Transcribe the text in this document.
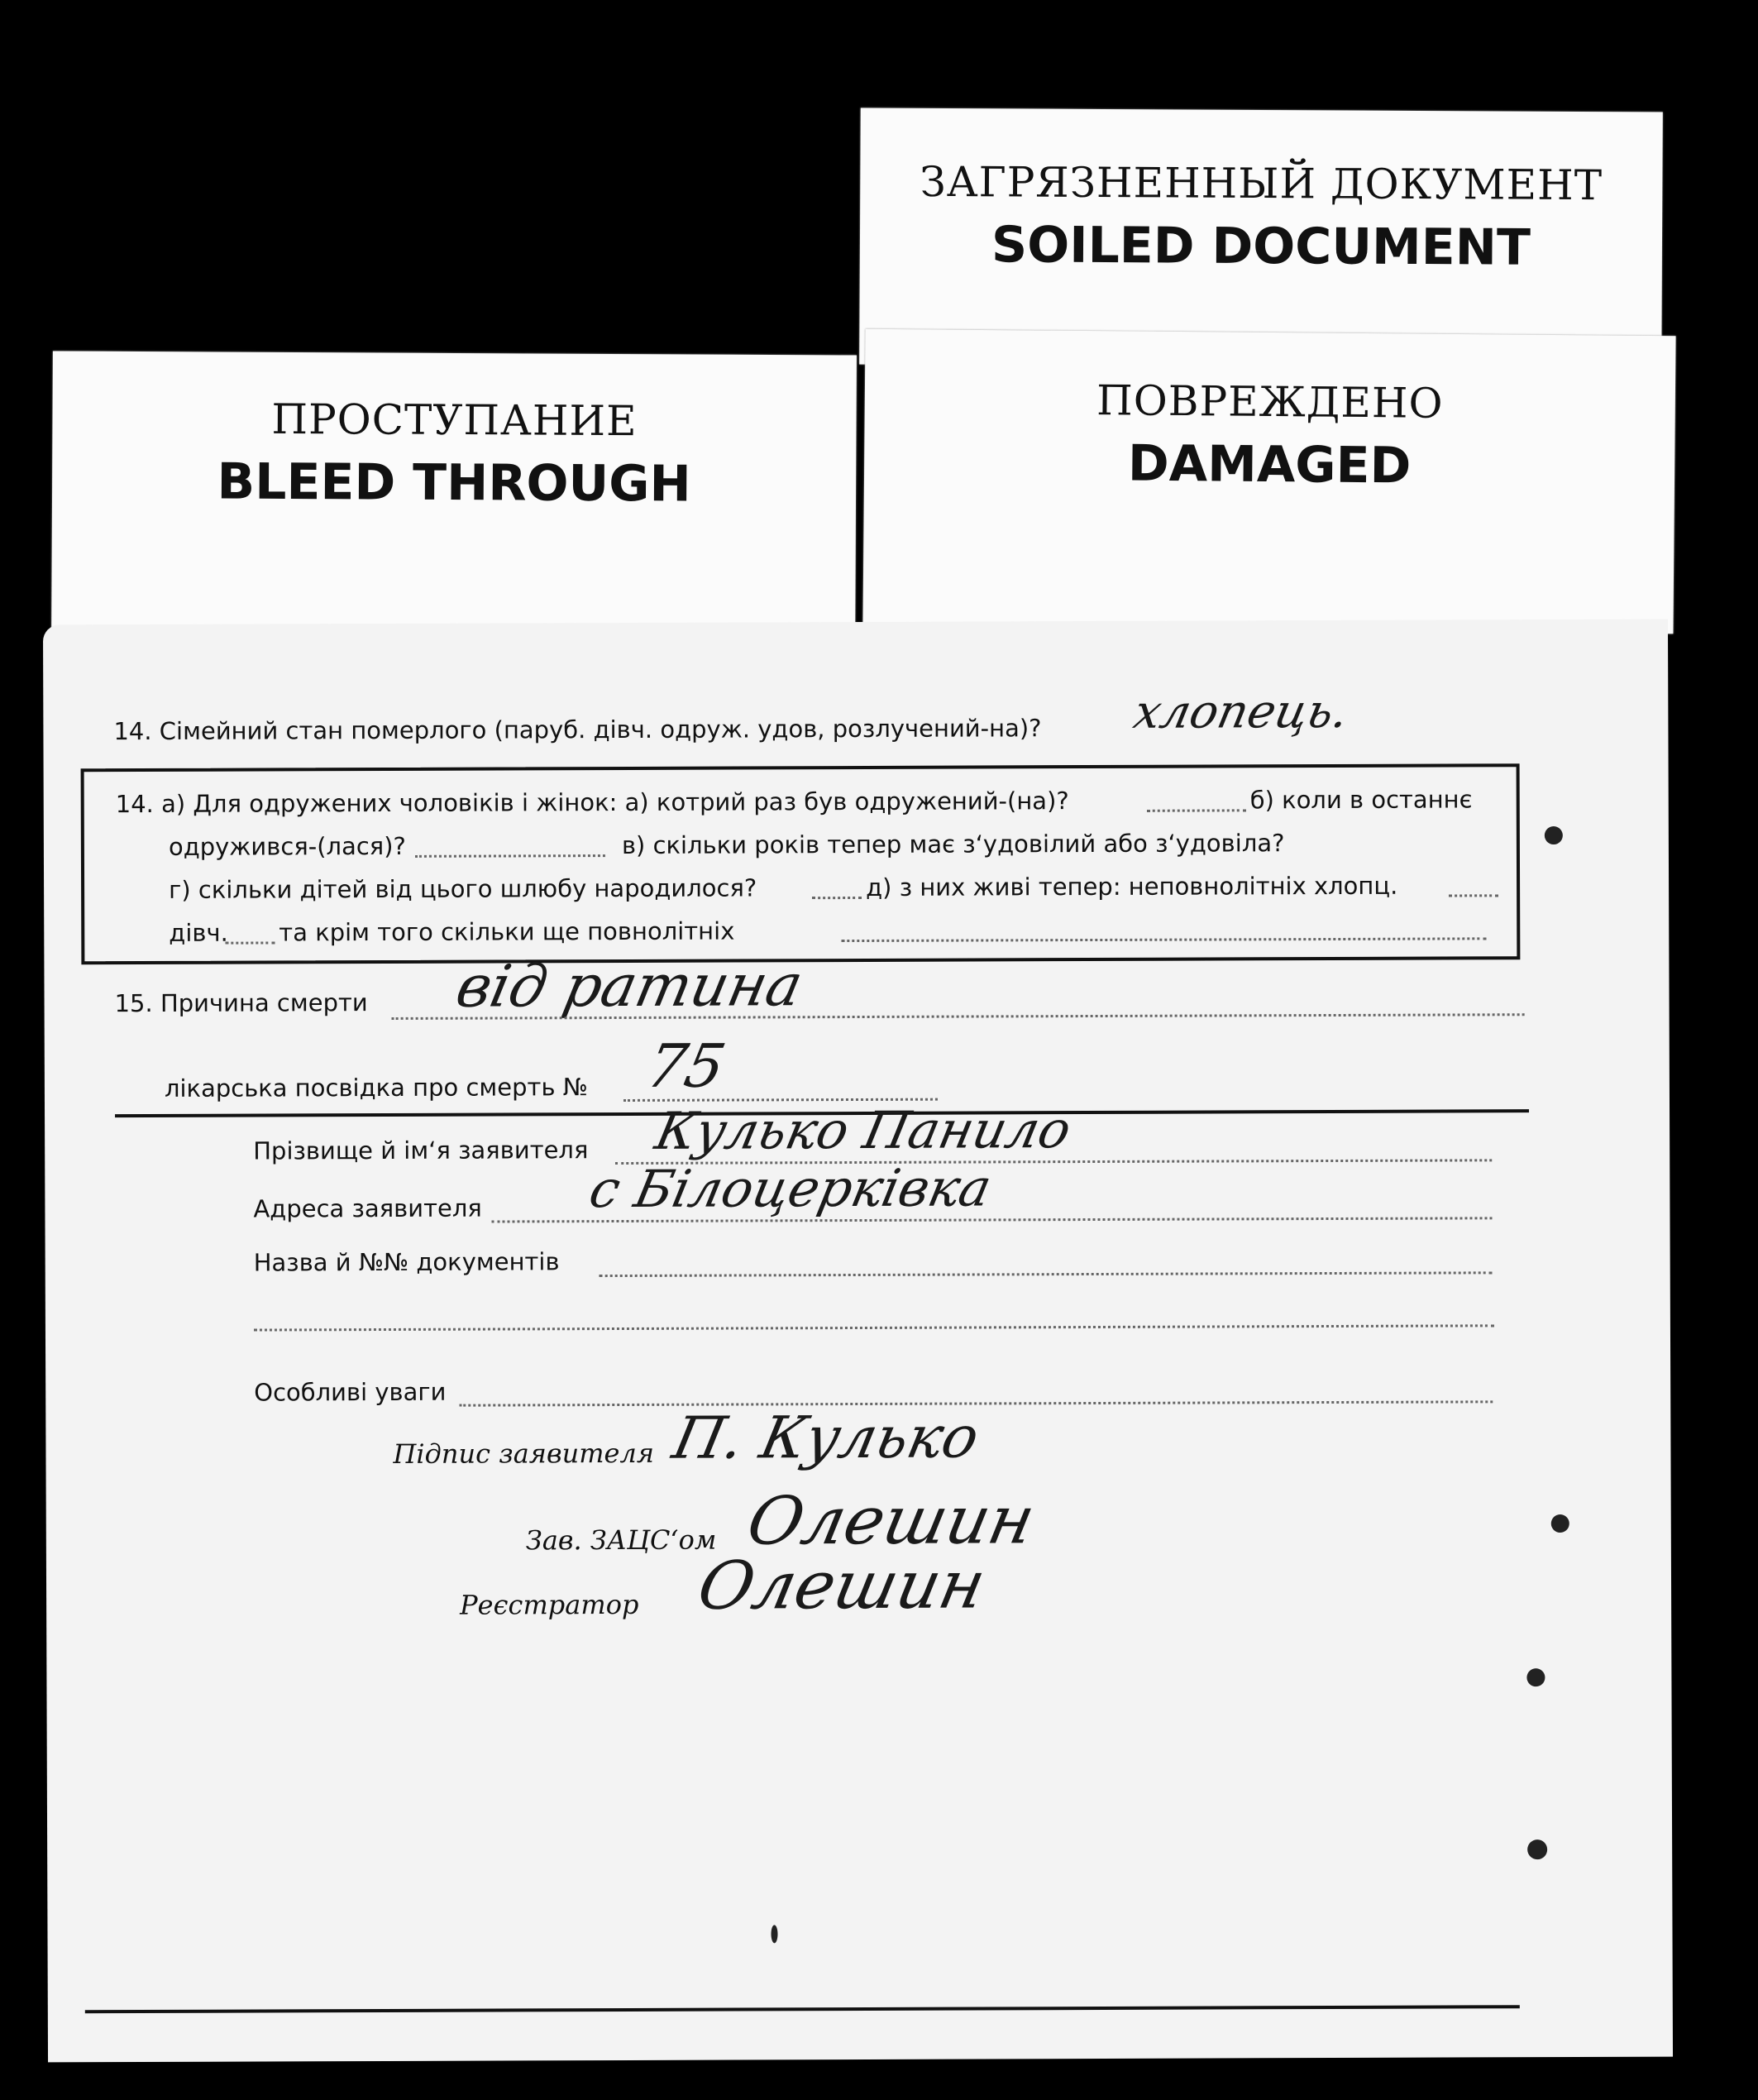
ЗАГРЯЗНЕННЫЙ ДОКУМЕНТ
SOILED DOCUMENT
ПОВРЕЖДЕНО
DAMAGED
ПРОСТУПАНИЕ
BLEED THROUGH
14. Сімейний стан померлого (паруб. дівч. одруж. удов, розлучений-на)? хлопець.
14. а) Для одружених чоловіків і жінок: а) котрий раз був одружений-(на)?	б) коли в останнє
одружився-(лася)?	в) скільки років тепер має з‘удовілий або з‘удовіла?
г) скільки дітей від цього шлюбу народилося?	д) з них живі тепер: неповнолітніх хлопц.
дівч. та крім того скільки ще повнолітніх
15. Причина смерти від ратина
лікарська посвідка про смерть № 75
Прізвище й ім‘я заявителя Кулько Панило
Адреса заявителя с Білоцерківка
Назва й №№ документів
Особливі уваги
Підпис заявителя П. Кулько
Зав. ЗАЦС‘ом Олешин
Реєстратор Олешин
